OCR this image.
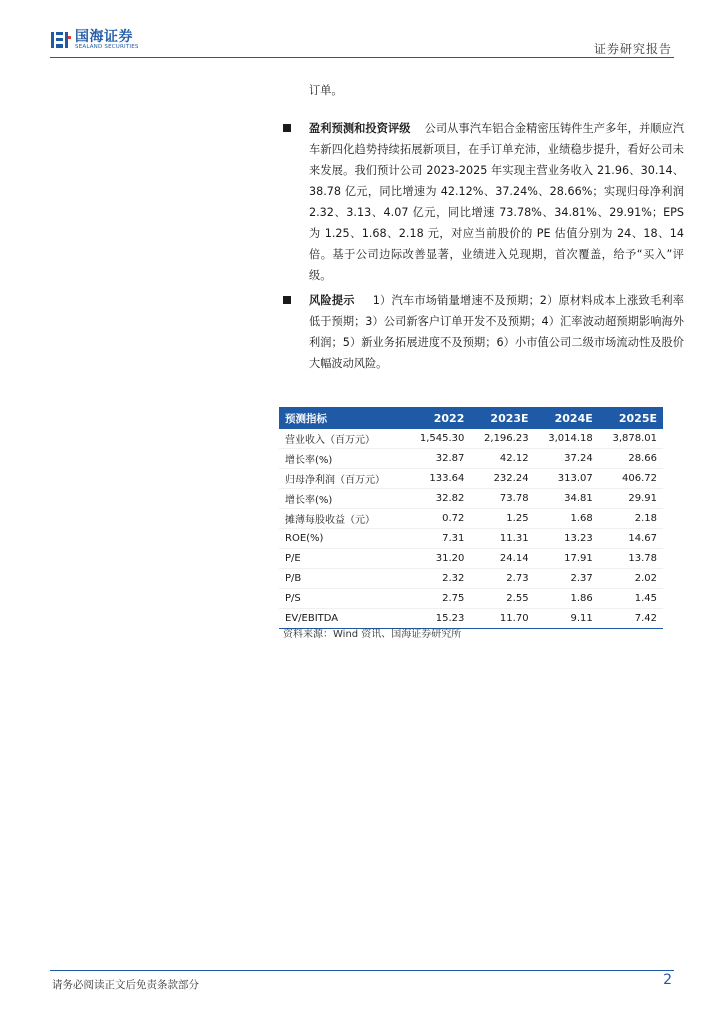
国海证券
SEALAND SECURITIES	证券研究报告
订单。
盈利预测和投资评级 公司从事汽车铝合金精密压铸件生产多年，并顺应汽车新四化趋势持续拓展新项目，在手订单充沛，业绩稳步提升，看好公司未来发展。我们预计公司 2023-2025 年实现主营业务收入 21.96、30.14、38.78 亿元，同比增速为 42.12%、37.24%、28.66%；实现归母净利润 2.32、3.13、4.07 亿元，同比增速 73.78%、34.81%、29.91%；EPS 为 1.25、1.68、2.18 元，对应当前股价的 PE 估值分别为 24、18、14 倍。基于公司边际改善显著，业绩进入兑现期，首次覆盖，给予“买入”评级。
风险提示 1）汽车市场销量增速不及预期；2）原材料成本上涨致毛利率低于预期；3）公司新客户订单开发不及预期；4）汇率波动超预期影响海外利润；5）新业务拓展进度不及预期；6）小市值公司二级市场流动性及股价大幅波动风险。
预测指标	2022	2023E	2024E	2025E
营业收入（百万元）	1,545.30	2,196.23	3,014.18	3,878.01
增长率(%)	32.87	42.12	37.24	28.66
归母净利润（百万元）	133.64	232.24	313.07	406.72
增长率(%)	32.82	73.78	34.81	29.91
摊薄每股收益（元）	0.72	1.25	1.68	2.18
ROE(%)	7.31	11.31	13.23	14.67
P/E	31.20	24.14	17.91	13.78
P/B	2.32	2.73	2.37	2.02
P/S	2.75	2.55	1.86	1.45
EV/EBITDA	15.23	11.70	9.11	7.42
资料来源：Wind 资讯、国海证券研究所
请务必阅读正文后免责条款部分	2
